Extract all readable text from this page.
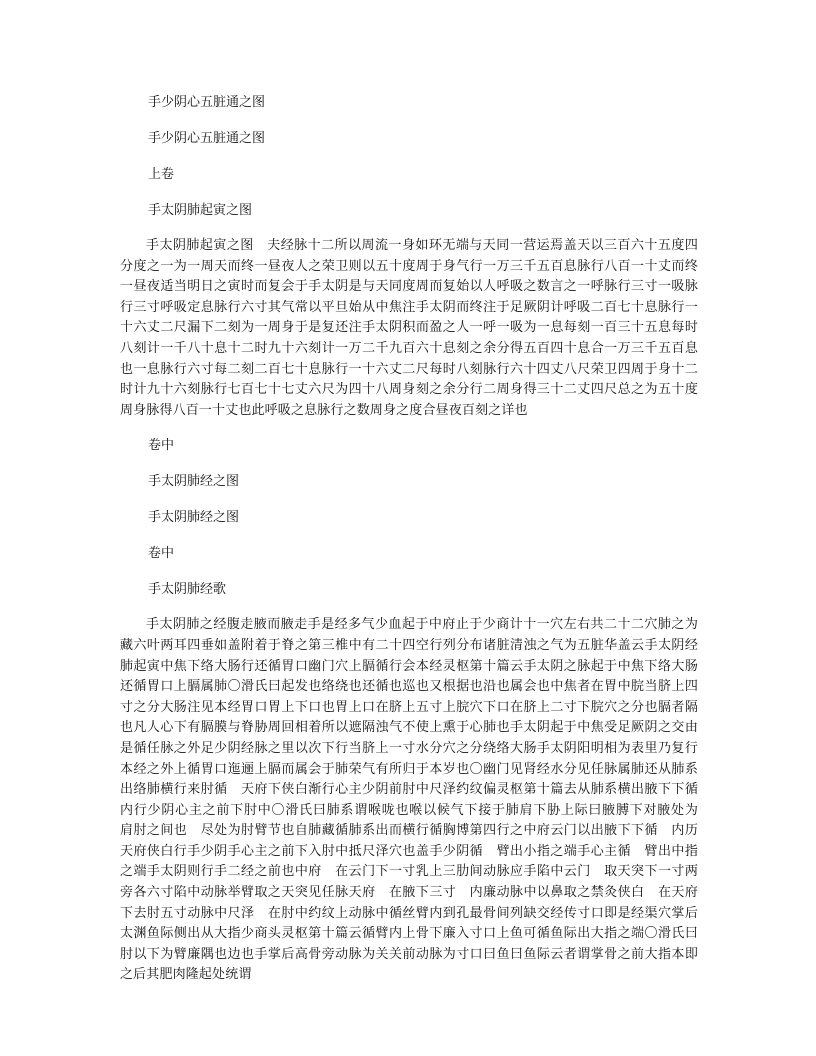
手少阴心五脏通之图

手少阴心五脏通之图

上卷

手太阴肺起寅之图

手太阴肺起寅之图　夫经脉十二所以周流一身如环无端与天同一营运焉盖天以三百六十五度四分度之一为一周天而终一昼夜人之荣卫则以五十度周于身气行一万三千五百息脉行八百一十丈而终一昼夜适当明日之寅时而复会于手太阴是与天同度周而复始以人呼吸之数言之一呼脉行三寸一吸脉行三寸呼吸定息脉行六寸其气常以平旦始从中焦注手太阴而终注于足厥阴计呼吸二百七十息脉行一十六丈二尺漏下二刻为一周身于是复还注手太阴积而盈之人一呼一吸为一息每刻一百三十五息每时八刻计一千八十息十二时九十六刻计一万二千九百六十息刻之余分得五百四十息合一万三千五百息也一息脉行六寸每二刻二百七十息脉行一十六丈二尺每时八刻脉行六十四丈八尺荣卫四周于身十二时计九十六刻脉行七百七十七丈六尺为四十八周身刻之余分行二周身得三十二丈四尺总之为五十度周身脉得八百一十丈也此呼吸之息脉行之数周身之度合昼夜百刻之详也

卷中

手太阴肺经之图

手太阴肺经之图

卷中

手太阴肺经歌

手太阴肺之经腹走腋而腋走手是经多气少血起于中府止于少商计十一穴左右共二十二穴肺之为藏六叶两耳四垂如盖附着于脊之第三椎中有二十四空行列分布诸脏清浊之气为五脏华盖云手太阴经肺起寅中焦下络大肠行还循胃口幽门穴上膈循行会本经灵枢第十篇云手太阴之脉起于中焦下络大肠还循胃口上膈属肺〇滑氏曰起发也络绕也还循也巡也又根据也沿也属会也中焦者在胃中脘当脐上四寸之分大肠注见本经胃口胃上下口也胃上口在脐上五寸上脘穴下口在脐上二寸下脘穴之分也膈者隔也凡人心下有膈膜与脊胁周回相着所以遮隔浊气不使上熏于心肺也手太阴起于中焦受足厥阴之交由是循任脉之外足少阴经脉之里以次下行当脐上一寸水分穴之分绕络大肠手太阴阳明相为表里乃复行本经之外上循胃口迤逦上膈而属会于肺荣气有所归于本岁也〇幽门见肾经水分见任脉属肺还从肺系出络肺横行来肘循　天府下侠白渐行心主少阴前肘中尺泽约纹偏灵枢第十篇去从肺系横出腋下下循　内行少阴心主之前下肘中〇滑氏曰肺系谓喉咙也喉以候气下接于肺肩下胁上际曰腋膊下对腋处为　肩肘之间也　尽处为肘臂节也自肺藏循肺系出而横行循胸博第四行之中府云门以出腋下下循　内历天府侠白行手少阴手心主之前下入肘中抵尺泽穴也盖手少阴循　臂出小指之端手心主循　臂出中指之端手太阴则行手二经之前也中府　在云门下一寸乳上三肋间动脉应手陷中云门　取天突下一寸两旁各六寸陷中动脉举臂取之天突见任脉天府　在腋下三寸　内廉动脉中以鼻取之禁灸侠白　在天府下去肘五寸动脉中尺泽　在肘中约纹上动脉中循丝臂内到孔最骨间列缺交经传寸口即是经渠穴掌后太渊鱼际侧出从大指少商头灵枢第十篇云循臂内上骨下廉入寸口上鱼可循鱼际出大指之端〇滑氏曰肘以下为臂廉隅也边也手掌后高骨旁动脉为关关前动脉为寸口曰鱼曰鱼际云者谓掌骨之前大指本即之后其肥肉隆起处统谓
